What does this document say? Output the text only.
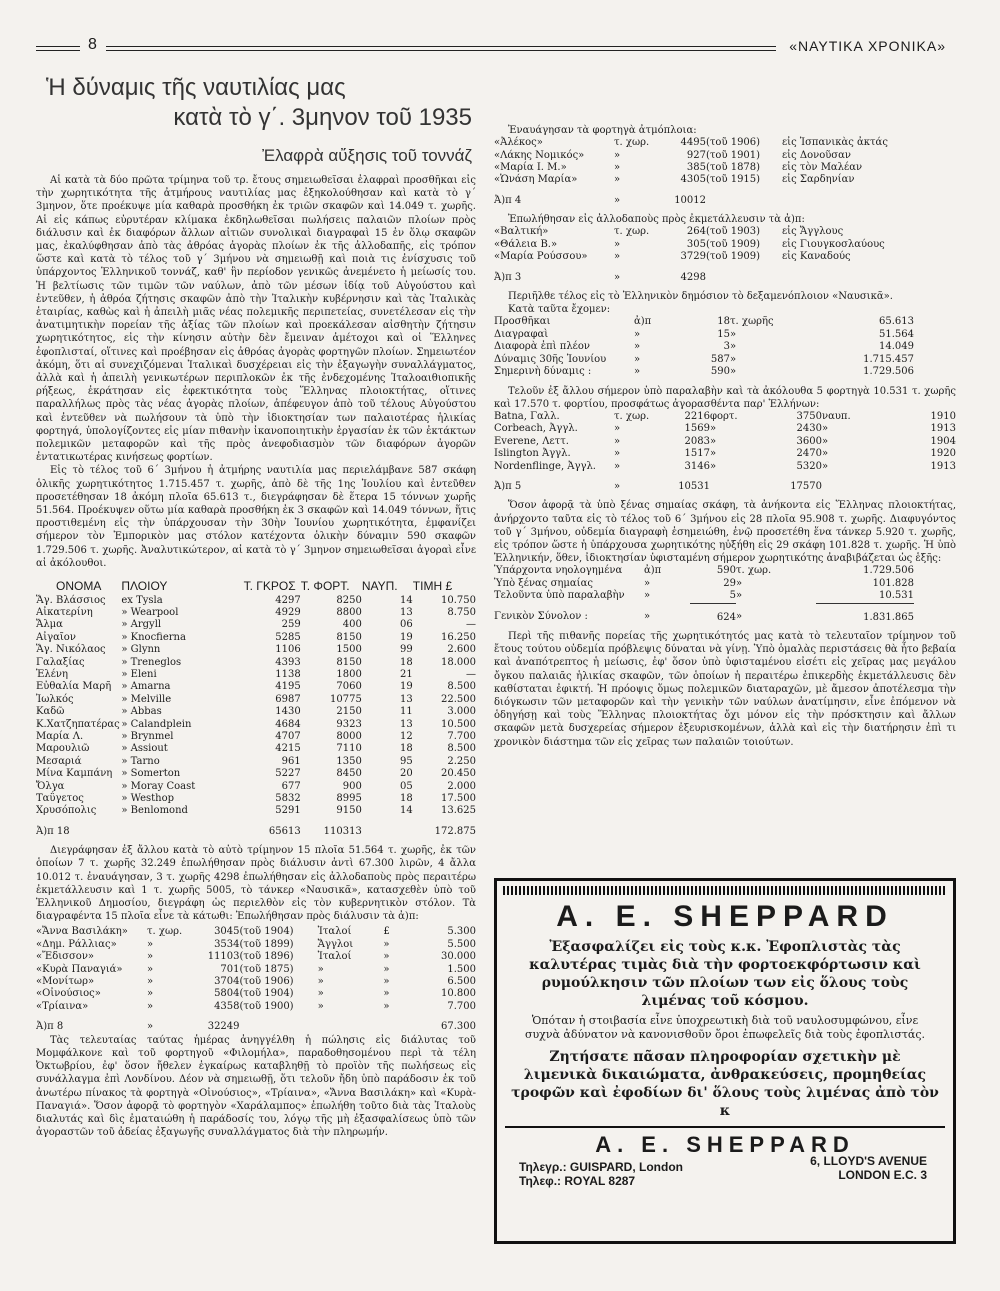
8	«ΝΑΥΤΙΚΑ ΧΡΟΝΙΚΑ»
Ἡ δύναμις τῆς ναυτιλίας μας
κατὰ τὸ γ΄. 3μηνον τοῦ 1935
Ἐλαφρὰ αὔξησις τοῦ τοννάζ

Αἱ κατὰ τὰ δύο πρῶτα τρίμηνα τοῦ τρ. ἔτους σημειωθεῖσαι ἐλαφραὶ προσθῆκαι εἰς τὴν χωρητικότητα τῆς ἀτμήρους ναυτιλίας μας ἐξηκολούθησαν καὶ κατὰ τὸ γ΄ 3μηνον, ὅτε προέκυψε μία καθαρὰ προσθήκη ἐκ τριῶν σκαφῶν καὶ 14.049 τ. χωρῆς. Αἱ εἰς κάπως εὐρυτέραν κλίμακα ἐκδηλωθεῖσαι πωλήσεις παλαιῶν πλοίων πρὸς διάλυσιν καὶ ἐκ διαφόρων ἄλλων αἰτιῶν συνολικαὶ διαγραφαὶ 15 ἐν ὅλῳ σκαφῶν μας, ἐκαλύφθησαν ἀπὸ τὰς ἀθρόας ἀγορὰς πλοίων ἐκ τῆς ἀλλοδαπῆς, εἰς τρόπον ὥστε καὶ κατὰ τὸ τέλος τοῦ γ΄ 3μήνου νὰ σημειωθῇ καὶ ποιὰ τις ἐνίσχυσις τοῦ ὑπάρχοντος Ἑλληνικοῦ τοννάζ, καθ' ἣν περίοδον γενικῶς ἀνεμένετο ἡ μείωσίς του. Ἡ βελτίωσις τῶν τιμῶν τῶν ναύλων, ἀπὸ τῶν μέσων ἰδίᾳ τοῦ Αὐγούστου καὶ ἐντεῦθεν, ἡ ἀθρόα ζήτησις σκαφῶν ἀπὸ τὴν Ἰταλικὴν κυβέρνησιν καὶ τὰς Ἰταλικὰς ἑταιρίας, καθὼς καὶ ἡ ἀπειλὴ μιᾶς νέας πολεμικῆς περιπετείας, συνετέλεσαν εἰς τὴν ἀνατιμητικὴν πορείαν τῆς ἀξίας τῶν πλοίων καὶ προεκάλεσαν αἰσθητὴν ζήτησιν χωρητικότητος, εἰς τὴν κίνησιν αὐτὴν δὲν ἔμειναν ἀμέτοχοι καὶ οἱ Ἕλληνες ἐφοπλισταί, οἵτινες καὶ προέβησαν εἰς ἀθρόας ἀγορὰς φορτηγῶν πλοίων. Σημειωτέον ἀκόμη, ὅτι αἱ συνεχιζόμεναι Ἰταλικαὶ δυσχέρειαι εἰς τὴν ἐξαγωγὴν συναλλάγματος, ἀλλὰ καὶ ἡ ἀπειλὴ γενικωτέρων περιπλοκῶν ἐκ τῆς ἐνδεχομένης Ἰταλοαιθιοπικῆς ρήξεως, ἐκράτησαν εἰς ἐφεκτικότητα τοὺς Ἕλληνας πλοιοκτήτας, οἵτινες παραλλήλως πρὸς τὰς νέας ἀγορὰς πλοίων, ἀπέφευγον ἀπὸ τοῦ τέλους Αὐγούστου καὶ ἐντεῦθεν νὰ πωλήσουν τὰ ὑπὸ τὴν ἰδιοκτησίαν των παλαιοτέρας ἡλικίας φορτηγά, ὑπολογίζοντες εἰς μίαν πιθανὴν ἱκανοποιητικὴν ἐργασίαν ἐκ τῶν ἐκτάκτων πολεμικῶν μεταφορῶν καὶ τῆς πρὸς ἀνεφοδιασμὸν τῶν διαφόρων ἀγορῶν ἐντατικωτέρας κινήσεως φορτίων.

Εἰς τὸ τέλος τοῦ 6΄ 3μήνου ἡ ἀτμήρης ναυτιλία μας περιελάμβανε 587 σκάφη ὁλικῆς χωρητικότητος 1.715.457 τ. χωρῆς, ἀπὸ δὲ τῆς 1ης Ἰουλίου καὶ ἐντεῦθεν προσετέθησαν 18 ἀκόμη πλοῖα 65.613 τ., διεγράφησαν δὲ ἕτερα 15 τόννων χωρῆς 51.564. Προέκυψεν οὕτω μία καθαρὰ προσθήκη ἐκ 3 σκαφῶν καὶ 14.049 τόννων, ἥτις προστιθεμένη εἰς τὴν ὑπάρχουσαν τὴν 30ὴν Ἰουνίου χωρητικότητα, ἐμφανίζει σήμερον τὸν Ἐμπορικὸν μας στόλον κατέχοντα ὁλικὴν δύναμιν 590 σκαφῶν 1.729.506 τ. χωρῆς. Ἀναλυτικώτερον, αἱ κατὰ τὸ γ΄ 3μηνον σημειωθεῖσαι ἀγοραὶ εἶνε αἱ ἀκόλουθοι.

ΟΝΟΜΑ	ΠΛΟΙΟΥ	Τ. ΓΚΡΟΣ	Τ. ΦΟΡΤ.	ΝΑΥΠ.	ΤΙΜΗ £
Ἅγ. Βλάσσιος	ex Tysla	4297	8250	14	10.750
Αἰκατερίνη	» Wearpool	4929	8800	13	8.750
Ἄλμα	» Argyll	259	400	06	—
Αἰγαῖον	» Knocfierna	5285	8150	19	16.250
Ἅγ. Νικόλαος	» Glynn	1106	1500	99	2.600
Γαλαξίας	» Treneglos	4393	8150	18	18.000
Ἑλένη	» Eleni	1138	1800	21	—
Εὐθαλία Μαρῆ	» Amarna	4195	7060	19	8.500
Ἰωλκός	» Melville	6987	10775	13	22.500
Καδῶ	» Abbas	1430	2150	11	3.000
Κ.Χατζηπατέρας	» Calandplein	4684	9323	13	10.500
Μαρία Λ.	» Brynmel	4707	8000	12	7.700
Μαρουλιῶ	» Assiout	4215	7110	18	8.500
Μεσαριά	» Tarno	961	1350	95	2.250
Μίνα Καμπάνη	» Somerton	5227	8450	20	20.450
Ὄλγα	» Moray Coast	677	900	05	2.000
Ταΰγετος	» Westhop	5832	8995	18	17.500
Χρυσόπολις	» Benlomond	5291	9150	14	13.625
Ἀ)π 18		65613	110313		172.875

Διεγράφησαν ἐξ ἄλλου κατὰ τὸ αὐτὸ τρίμηνον 15 πλοῖα 51.564 τ. χωρῆς, ἐκ τῶν ὁποίων 7 τ. χωρῆς 32.249 ἐπωλήθησαν πρὸς διάλυσιν ἀντὶ 67.300 λιρῶν, 4 ἄλλα 10.012 τ. ἐναυάγησαν, 3 τ. χωρῆς 4298 ἐπωλήθησαν εἰς ἀλλοδαποὺς πρὸς περαιτέρω ἐκμετάλλευσιν καὶ 1 τ. χωρῆς 5005, τὸ τάνκερ «Ναυσικᾶ», κατασχεθὲν ὑπὸ τοῦ Ἑλληνικοῦ Δημοσίου, διεγράφη ὡς περιελθὸν εἰς τὸν κυβερνητικὸν στόλον. Τὰ διαγραφέντα 15 πλοῖα εἶνε τὰ κάτωθι: Ἐπωλήθησαν πρὸς διάλυσιν τὰ ἀ)π:

«Ἄννα Βασιλάκη»	τ. χωρ.	3045	(τοῦ 1904)	Ἰταλοί	£	5.300
«Δημ. Ράλλιας»	»	3534	(τοῦ 1899)	Ἄγγλοι	»	5.500
«Ἔδισσον»	»	11103	(τοῦ 1896)	Ἰταλοί	»	30.000
«Κυρὰ Παναγιά»	»	701	(τοῦ 1875)	»	»	1.500
«Μονίτωρ»	»	3704	(τοῦ 1906)	»	»	6.500
«Οἰνούσιος»	»	5804	(τοῦ 1904)	»	»	10.800
«Τρίαινα»	»	4358	(τοῦ 1900)	»	»	7.700
Ἀ)π 8	»	32249				67.300

Τὰς τελευταίας ταύτας ἡμέρας ἀνηγγέλθη ἡ πώλησις εἰς διάλυτας τοῦ Μομφάλκονε καὶ τοῦ φορτηγοῦ «Φιλομήλα», παραδοθησομένου περὶ τὰ τέλη Ὀκτωβρίου, ἐφ' ὅσον ἤθελεν ἐγκαίρως καταβληθῇ τὸ προϊὸν τῆς πωλήσεως εἰς συνάλλαγμα ἐπὶ Λονδίνου. Δέον νὰ σημειωθῇ, ὅτι τελοῦν ἤδη ὑπὸ παράδοσιν ἐκ τοῦ ἀνωτέρω πίνακος τὰ φορτηγὰ «Οἰνούσιος», «Τρίαινα», «Ἄννα Βασιλάκη» καὶ «Κυρὰ-Παναγιά». Ὅσον ἀφορᾷ τὸ φορτηγὸν «Χαράλαμπος» ἐπωλήθη τοῦτο διὰ τὰς Ἰταλοὺς διαλυτάς καὶ δὶς ἐματαιώθη ἡ παράδοσίς του, λόγῳ τῆς μὴ ἐξασφαλίσεως ὑπὸ τῶν ἀγοραστῶν τοῦ ἀδείας ἐξαγωγῆς συναλλάγματος διὰ τὴν πληρωμήν.

Ἐναυάγησαν τὰ φορτηγὰ ἀτμόπλοια:

«Ἀλέκος»	τ. χωρ.	4495	(τοῦ 1906)	εἰς Ἰσπανικὰς ἀκτάς
«Λάκης Νομικός»	»	927	(τοῦ 1901)	εἰς Δονοῦσαν
«Μαρία Ι. Μ.»	»	385	(τοῦ 1878)	εἰς τὸν Μαλέαν
«Ὡνάση Μαρία»	»	4305	(τοῦ 1915)	εἰς Σαρδηνίαν
Ἀ)π 4	»	10012		

Ἐπωλήθησαν εἰς ἀλλοδαποὺς πρὸς ἐκμετάλλευσιν τὰ ἀ)π:

«Βαλτική»	τ. χωρ.	264	(τοῦ 1903)	εἰς Ἄγγλους
«Θάλεια Β.»	»	305	(τοῦ 1909)	εἰς Γιουγκοσλαύους
«Μαρία Ρούσσου»	»	3729	(τοῦ 1909)	εἰς Καναδούς
Ἀ)π 3	»	4298		

Περιῆλθε τέλος εἰς τὸ Ἑλληνικὸν δημόσιον τὸ δεξαμενόπλοιον «Ναυσικᾶ».

Κατὰ ταῦτα ἔχομεν:

Προσθῆκαι	ἀ)π	18	τ. χωρῆς	65.613
Διαγραφαὶ	»	15	»	51.564

Διαφορὰ ἐπὶ πλέον	»	3	»	14.049
Δύναμις 30ῆς Ἰουνίου	»	587	»	1.715.457

Σημερινὴ δύναμις :	»	590	»	1.729.506

Τελοῦν ἐξ ἄλλου σήμερον ὑπὸ παραλαβὴν καὶ τὰ ἀκόλουθα 5 φορτηγὰ 10.531 τ. χωρῆς καὶ 17.570 τ. φορτίου, προσφάτως ἀγορασθέντα παρ' Ἑλλήνων:

Batna, Γαλλ.	τ. χωρ.	2216	φορτ.	3750	ναυπ.	1910
Corbeach, Ἀγγλ.	»	1569	»	2430	»	1913
Everene, Λεττ.	»	2083	»	3600	»	1904
Islington Ἀγγλ.	»	1517	»	2470	»	1920
Nordenflinge, Ἀγγλ.	»	3146	»	5320	»	1913
Ἀ)π 5	»	10531		17570		

Ὅσον ἀφορᾷ τὰ ὑπὸ ξένας σημαίας σκάφη, τὰ ἀνήκοντα εἰς Ἕλληνας πλοιοκτήτας, ἀνήρχοντο ταῦτα εἰς τὸ τέλος τοῦ 6΄ 3μήνου εἰς 28 πλοῖα 95.908 τ. χωρῆς. Διαφυγόντος τοῦ γ΄ 3μήνου, οὐδεμία διαγραφὴ ἐσημειώθη, ἐνῷ προσετέθη ἕνα τάνκερ 5.920 τ. χωρῆς, εἰς τρόπον ὥστε ἡ ὑπάρχουσα χωρητικότης ηὐξήθη εἰς 29 σκάφη 101.828 τ. χωρῆς. Ἡ ὑπὸ Ἑλληνικήν, ὅθεν, ἰδιοκτησίαν ὑφισταμένη σήμερον χωρητικότης ἀναβιβάζεται ὡς ἑξῆς:

Ὑπάρχοντα νηολογημένα	ἀ)π	590	τ. χωρ.	1.729.506
Ὑπὸ ξένας σημαίας	»	29	»	101.828
Τελοῦντα ὑπὸ παραλαβὴν	»	5	»	10.531
Γενικὸν Σύνολον :	»	624	»	1.831.865

Περὶ τῆς πιθανῆς πορείας τῆς χωρητικότητός μας κατὰ τὸ τελευταῖον τρίμηνον τοῦ ἔτους τούτου οὐδεμία πρόβλεψις δύναται νὰ γίνῃ. Ὑπὸ ὁμαλὰς περιστάσεις θὰ ἦτο βεβαία καὶ ἀναπότρεπτος ἡ μείωσις, ἐφ' ὅσον ὑπὸ ὑφισταμένου εἰσέτι εἰς χεῖρας μας μεγάλου ὄγκου παλαιᾶς ἡλικίας σκαφῶν, τῶν ὁποίων ἡ περαιτέρω ἐπικερδὴς ἐκμετάλλευσις δὲν καθίσταται ἐφικτή. Ἡ πρόοψις ὅμως πολεμικῶν διαταραχῶν, μὲ ἄμεσον ἀποτέλεσμα τὴν διόγκωσιν τῶν μεταφορῶν καὶ τὴν γενικὴν τῶν ναύλων ἀνατίμησιν, εἶνε ἐπόμενον νὰ ὁδηγήσῃ καὶ τοὺς Ἕλληνας πλοιοκτήτας ὄχι μόνον εἰς τὴν πρόσκτησιν καὶ ἄλλων σκαφῶν μετὰ δυσχερείας σήμερον ἐξευρισκομένων, ἀλλὰ καὶ εἰς τὴν διατήρησιν ἐπὶ τι χρονικὸν διάστημα τῶν εἰς χεῖρας των παλαιῶν τοιούτων.

A. E. SHEPPARD
Ἐξασφαλίζει εἰς τοὺς κ.κ. Ἐφοπλιστὰς τὰς καλυτέρας τιμὰς διὰ τὴν φορτοεκφόρτωσιν καὶ ρυμούλκησιν τῶν πλοίων των εἰς ὅλους τοὺς λιμένας τοῦ κόσμου.
Ὁπόταν ἡ στοιβασία εἶνε ὑποχρεωτικὴ διὰ τοῦ ναυλοσυμφώνου, εἶνε συχνὰ ἀδύνατον νὰ κανονισθοῦν ὅροι ἐπωφελεῖς διὰ τοὺς ἐφοπλιστάς.
Ζητήσατε πᾶσαν πληροφορίαν σχετικὴν μὲ λιμενικὰ δικαιώματα, ἀνθρακεύσεις, προμηθείας τροφῶν καὶ ἐφοδίων δι' ὅλους τοὺς λιμένας ἀπὸ τὸν κ
A. E. SHEPPARD
Τηλεγρ.: GUISPARD, London
Τηλεφ.: ROYAL 8287
6, LLOYD'S AVENUE
LONDON E.C. 3
